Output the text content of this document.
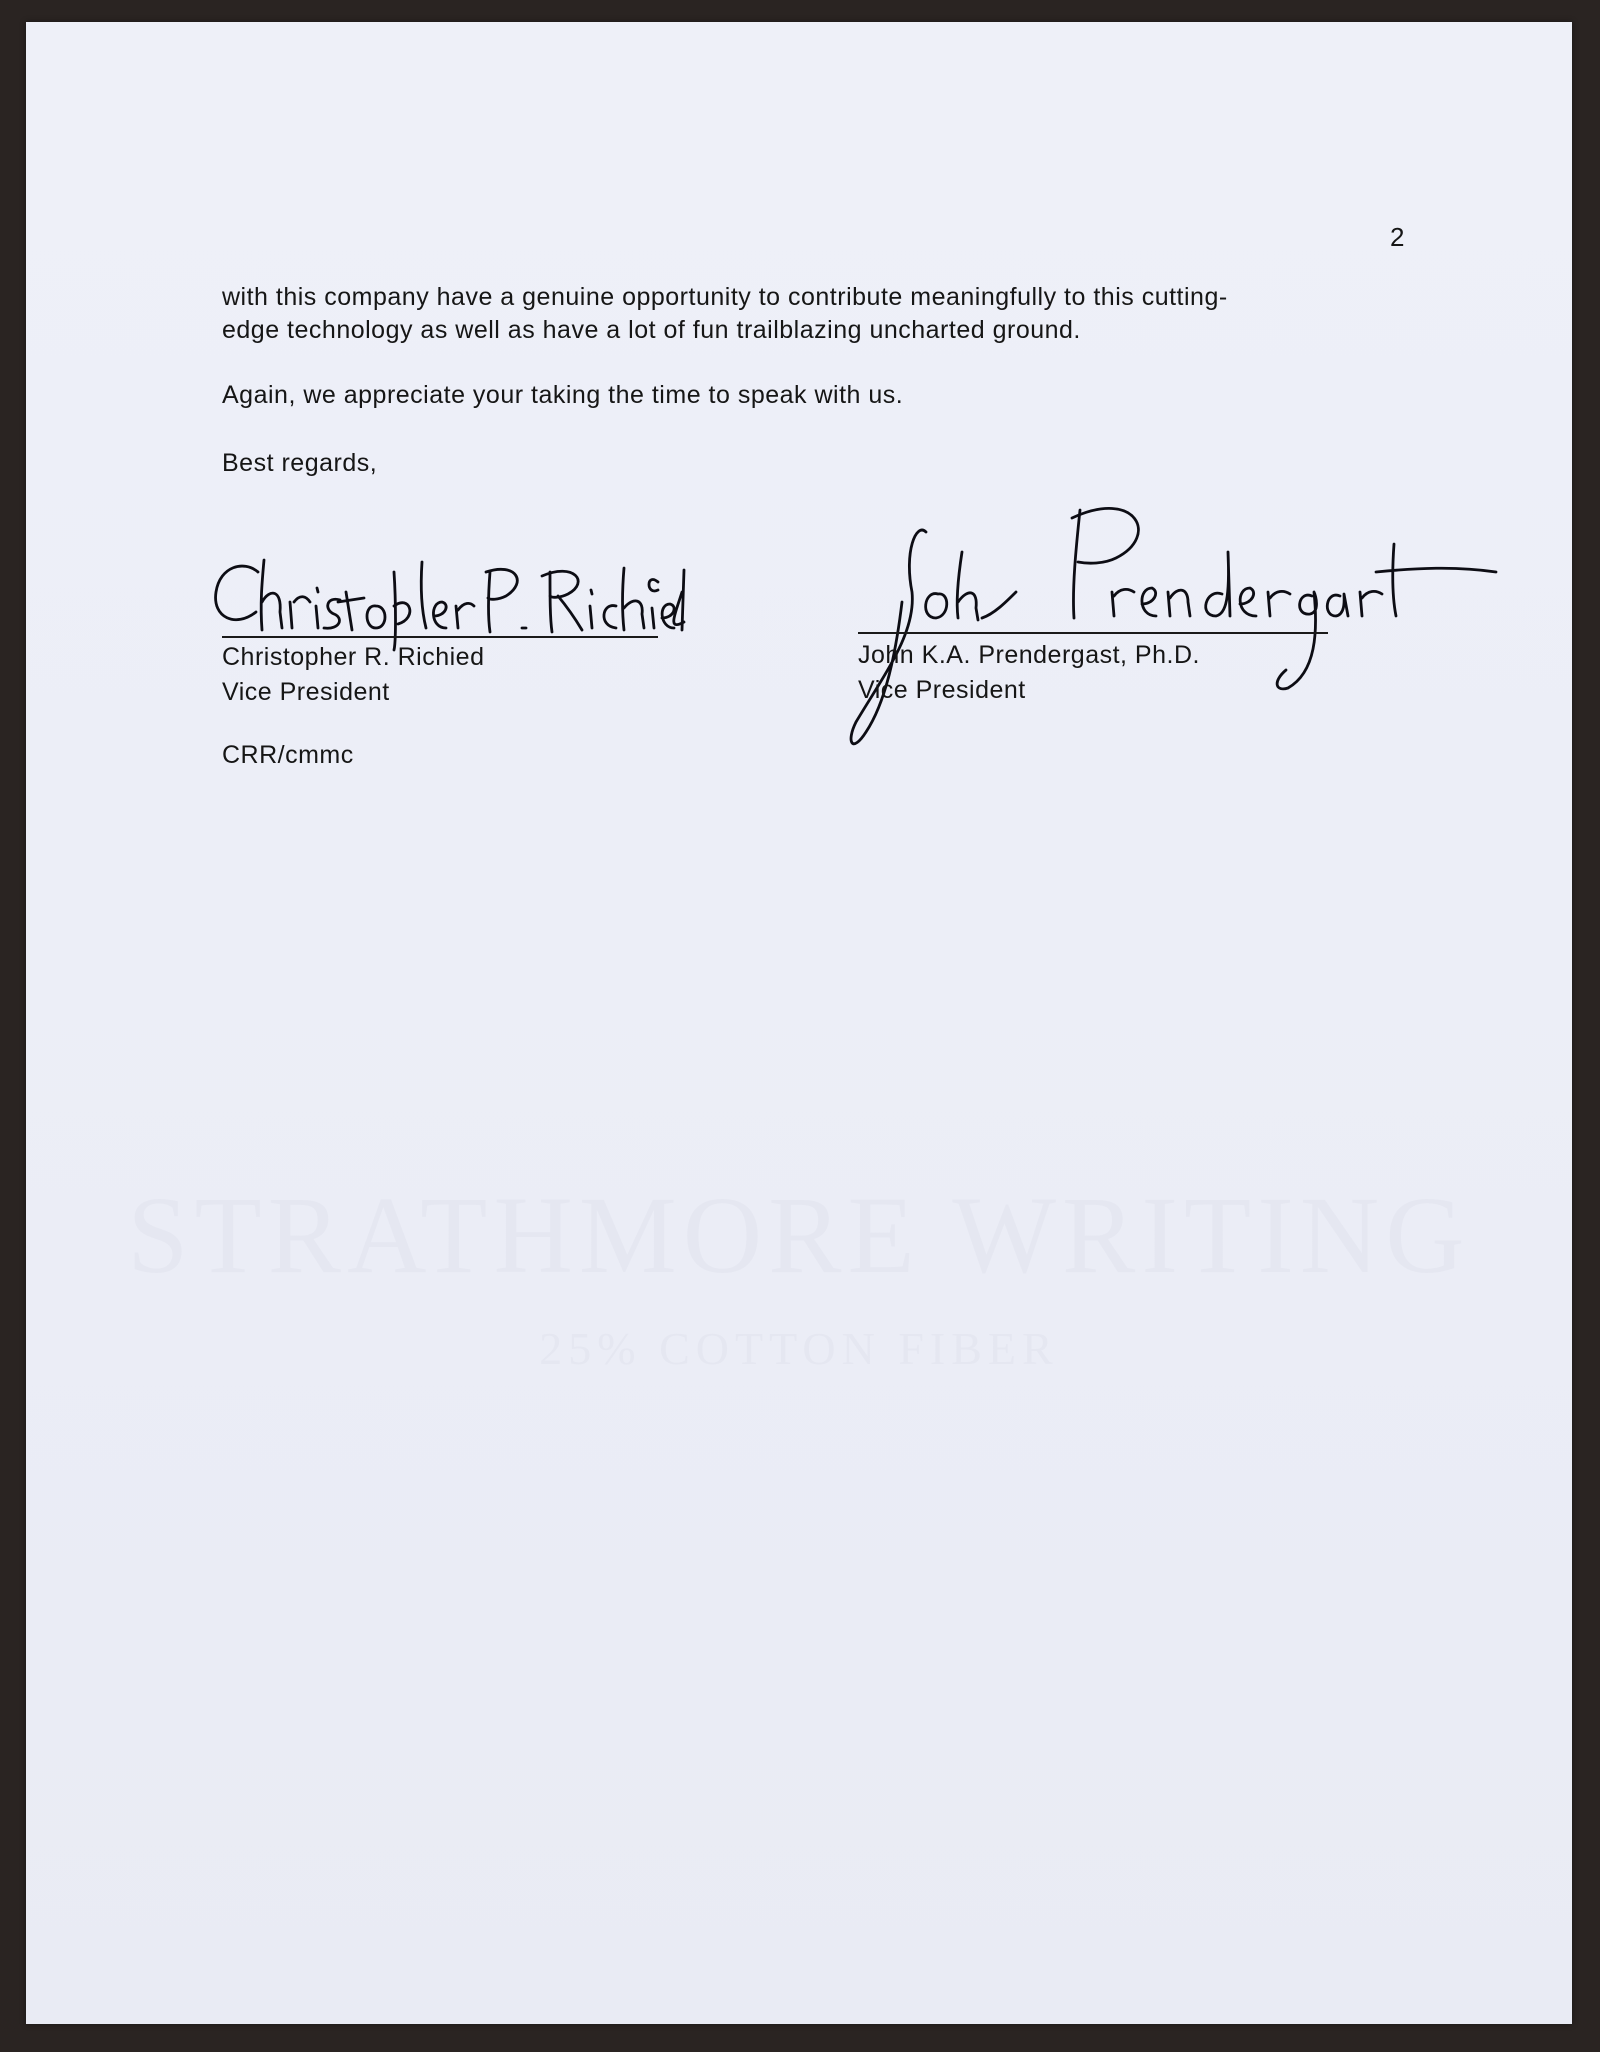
2
with this company have a genuine opportunity to contribute meaningfully to this cutting-
edge technology as well as have a lot of fun trailblazing uncharted ground.
Again, we appreciate your taking the time to speak with us.
Best regards,
Christopher R. Richied
Vice President
John K.A. Prendergast, Ph.D.
Vice President
CRR/cmmc
